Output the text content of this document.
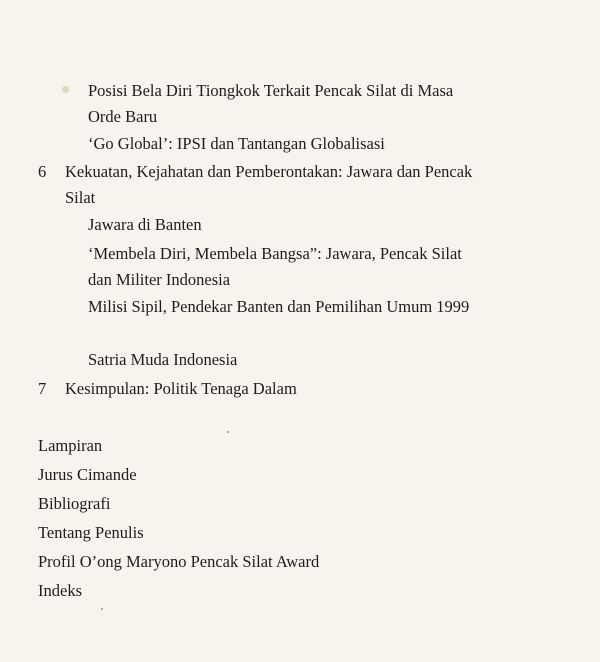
Posisi Bela Diri Tiongkok Terkait Pencak Silat di Masa Orde Baru
‘Go Global’: IPSI dan Tantangan Globalisasi
6 Kekuatan, Kejahatan dan Pemberontakan: Jawara dan Pencak Silat
Jawara di Banten
‘Membela Diri, Membela Bangsa”: Jawara, Pencak Silat dan Militer Indonesia
Milisi Sipil, Pendekar Banten dan Pemilihan Umum 1999
Satria Muda Indonesia
7 Kesimpulan: Politik Tenaga Dalam
Lampiran
Jurus Cimande
Bibliografi
Tentang Penulis
Profil O’ong Maryono Pencak Silat Award
Indeks
